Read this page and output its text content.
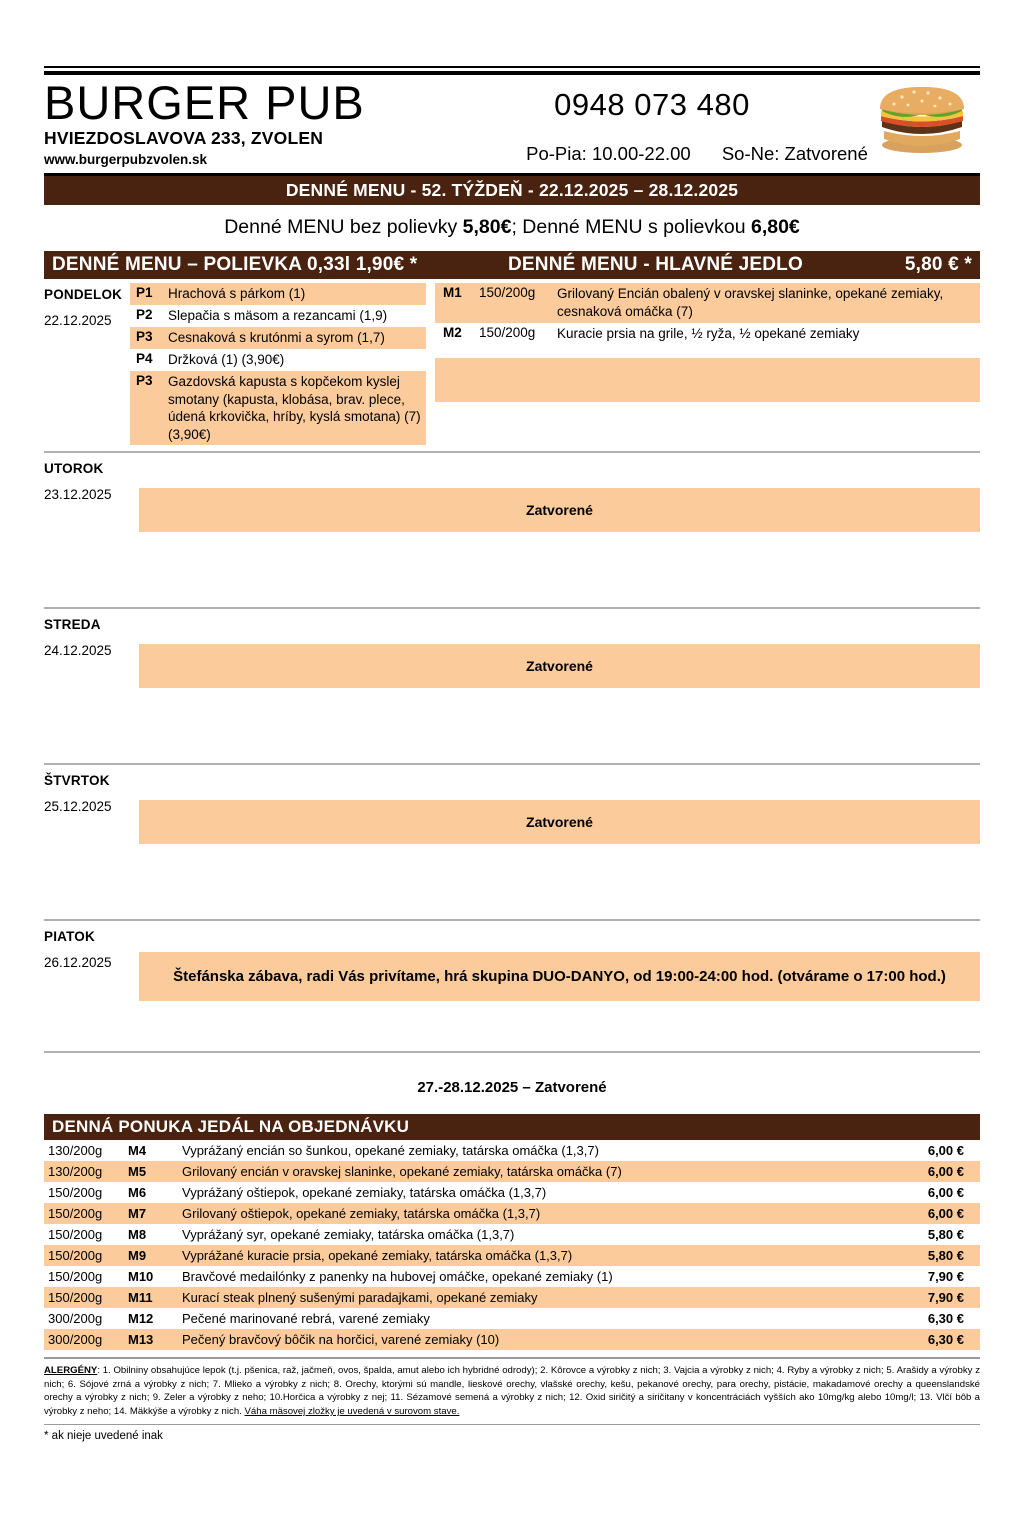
BURGER PUB
HVIEZDOSLAVOVA 233, ZVOLEN
www.burgerpubzvolen.sk
0948 073 480
Po-Pia: 10.00-22.00 So-Ne: Zatvorené
DENNÉ MENU - 52. TÝŽDEŇ - 22.12.2025 – 28.12.2025
Denné MENU bez polievky 5,80€; Denné MENU s polievkou 6,80€
DENNÉ MENU – POLIEVKA 0,33l 1,90€ *	DENNÉ MENU - HLAVNÉ JEDLO	5,80 € *
PONDELOK
22.12.2025
P1	Hrachová s párkom (1)
P2	Slepačia s mäsom a rezancami (1,9)
P3	Cesnaková s krutónmi a syrom (1,7)
P4	Držková (1) (3,90€)
P3	Gazdovská kapusta s kopčekom kyslej smotany (kapusta, klobása, brav. plece, údená krkovička, hríby, kyslá smotana) (7) (3,90€)
M1	150/200g	Grilovaný Encián obalený v oravskej slaninke, opekané zemiaky, cesnaková omáčka (7)
M2	150/200g	Kuracie prsia na grile, ½ ryža, ½ opekané zemiaky
UTOROK
23.12.2025
Zatvorené
STREDA
24.12.2025
Zatvorené
ŠTVRTOK
25.12.2025
Zatvorené
PIATOK
26.12.2025
Štefánska zábava, radi Vás privítame, hrá skupina DUO-DANYO, od 19:00-24:00 hod. (otvárame o 17:00 hod.)
27.-28.12.2025 – Zatvorené
DENNÁ PONUKA JEDÁL NA OBJEDNÁVKU
130/200g	M4	Vyprážaný encián so šunkou, opekané zemiaky, tatárska omáčka (1,3,7)	6,00 €
130/200g	M5	Grilovaný encián v oravskej slaninke, opekané zemiaky, tatárska omáčka (7)	6,00 €
150/200g	M6	Vyprážaný oštiepok, opekané zemiaky, tatárska omáčka (1,3,7)	6,00 €
150/200g	M7	Grilovaný oštiepok, opekané zemiaky, tatárska omáčka (1,3,7)	6,00 €
150/200g	M8	Vyprážaný syr, opekané zemiaky, tatárska omáčka (1,3,7)	5,80 €
150/200g	M9	Vyprážané kuracie prsia, opekané zemiaky, tatárska omáčka (1,3,7)	5,80 €
150/200g	M10	Bravčové medailónky z panenky na hubovej omáčke, opekané zemiaky (1)	7,90 €
150/200g	M11	Kurací steak plnený sušenými paradajkami, opekané zemiaky	7,90 €
300/200g	M12	Pečené marinované rebrá, varené zemiaky	6,30 €
300/200g	M13	Pečený bravčový bôčik na horčici, varené zemiaky (10)	6,30 €
ALERGÉNY: 1. Obilniny obsahujúce lepok (t.j. pšenica, raž, jačmeň, ovos, špalda, amut alebo ich hybridné odrody); 2. Kôrovce a výrobky z nich; 3. Vajcia a výrobky z nich; 4. Ryby a výrobky z nich; 5. Arašidy a výrobky z nich; 6. Sójové zrná a výrobky z nich; 7. Mlieko a výrobky z nich; 8. Orechy, ktorými sú mandle, lieskové orechy, vlašské orechy, kešu, pekanové orechy, para orechy, pistácie, makadamové orechy a queenslandské orechy a výrobky z nich; 9. Zeler a výrobky z neho; 10.Horčica a výrobky z nej; 11. Sézamové semená a výrobky z nich; 12. Oxid siričitý a siričitany v koncentráciách vyšších ako 10mg/kg alebo 10mg/l; 13. Vlčí bôb a výrobky z neho; 14. Mäkkýše a výrobky z nich. Váha mäsovej zložky je uvedená v surovom stave.
* ak nieje uvedené inak
